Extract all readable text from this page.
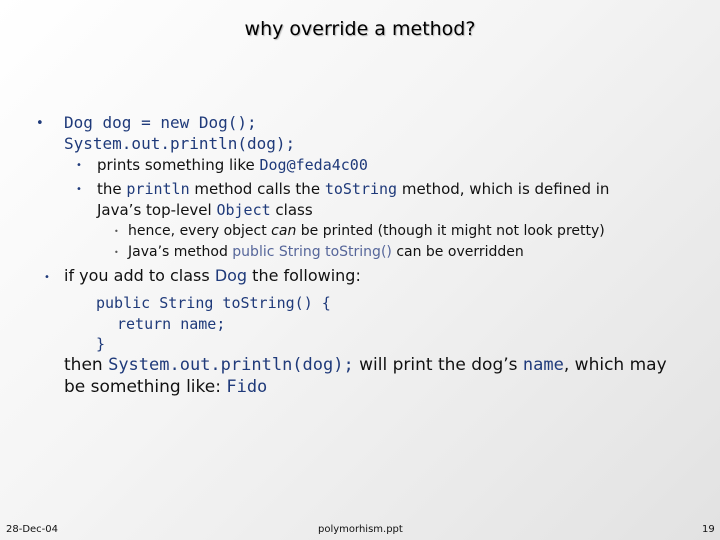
why override a method?
• Dog dog = new Dog();
System.out.println(dog);
• prints something like Dog@feda4c00
• the println method calls the toString method, which is defined in
Java’s top-level Object class
• hence, every object can be printed (though it might not look pretty)
• Java’s method public String toString() can be overridden
• if you add to class Dog the following:
public String toString() {
return name;
}
then System.out.println(dog); will print the dog’s name, which may
be something like: Fido
28-Dec-04	polymorhism.ppt	19
